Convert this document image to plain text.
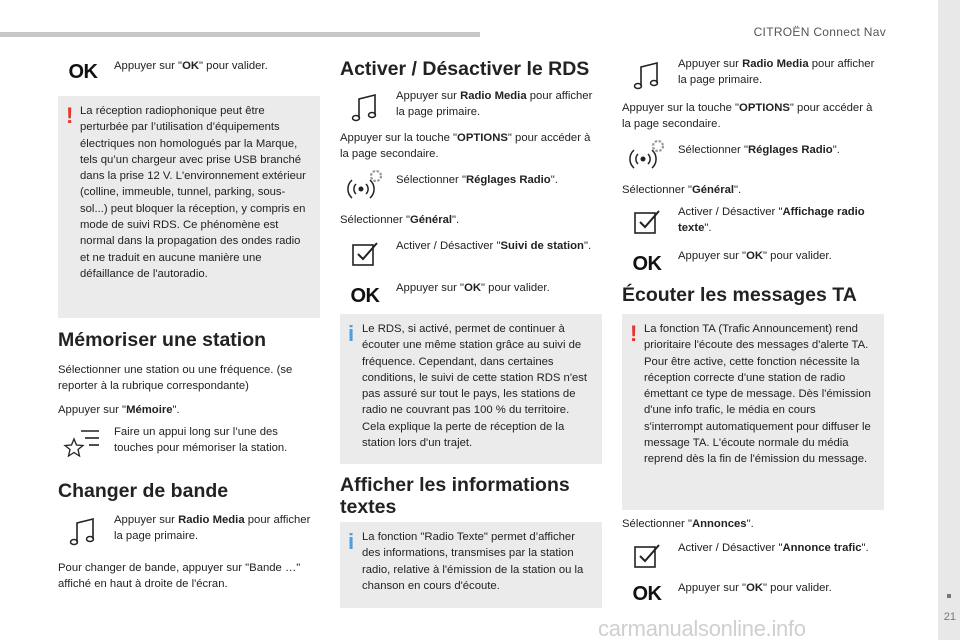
CITROËN Connect Nav
21
carmanualsonline.info
OK Appuyer sur "OK" pour valider.
! La réception radiophonique peut être perturbée par l’utilisation d’équipements électriques non homologués par la Marque, tels qu’un chargeur avec prise USB branché dans la prise 12 V. L'environnement extérieur (colline, immeuble, tunnel, parking, sous-sol...) peut bloquer la réception, y compris en mode de suivi RDS. Ce phénomène est normal dans la propagation des ondes radio et ne traduit en aucune manière une défaillance de l'autoradio.
Mémoriser une station
Sélectionner une station ou une fréquence. (se reporter à la rubrique correspondante)
Appuyer sur "Mémoire".
Faire un appui long sur l’une des touches pour mémoriser la station.
Changer de bande
Appuyer sur Radio Media pour afficher la page primaire.
Pour changer de bande, appuyer sur "Bande …" affiché en haut à droite de l'écran.
Activer / Désactiver le RDS
Appuyer sur Radio Media pour afficher la page primaire.
Appuyer sur la touche "OPTIONS" pour accéder à la page secondaire.
Sélectionner "Réglages Radio".
Sélectionner "Général".
Activer / Désactiver "Suivi de station".
OK Appuyer sur "OK" pour valider.
i Le RDS, si activé, permet de continuer à écouter une même station grâce au suivi de fréquence. Cependant, dans certaines conditions, le suivi de cette station RDS n'est pas assuré sur tout le pays, les stations de radio ne couvrant pas 100 % du territoire. Cela explique la perte de réception de la station lors d'un trajet.
Afficher les informations textes
i La fonction "Radio Texte" permet d’afficher des informations, transmises par la station radio, relative à l'émission de la station ou la chanson en cours d'écoute.
Appuyer sur Radio Media pour afficher la page primaire.
Appuyer sur la touche "OPTIONS" pour accéder à la page secondaire.
Sélectionner "Réglages Radio".
Sélectionner "Général".
Activer / Désactiver "Affichage radio texte".
OK Appuyer sur "OK" pour valider.
Écouter les messages TA
! La fonction TA (Trafic Announcement) rend prioritaire l'écoute des messages d'alerte TA. Pour être active, cette fonction nécessite la réception correcte d'une station de radio émettant ce type de message. Dès l'émission d'une info trafic, le média en cours s'interrompt automatiquement pour diffuser le message TA. L'écoute normale du média reprend dès la fin de l'émission du message.
Sélectionner "Annonces".
Activer / Désactiver "Annonce trafic".
OK Appuyer sur "OK" pour valider.
